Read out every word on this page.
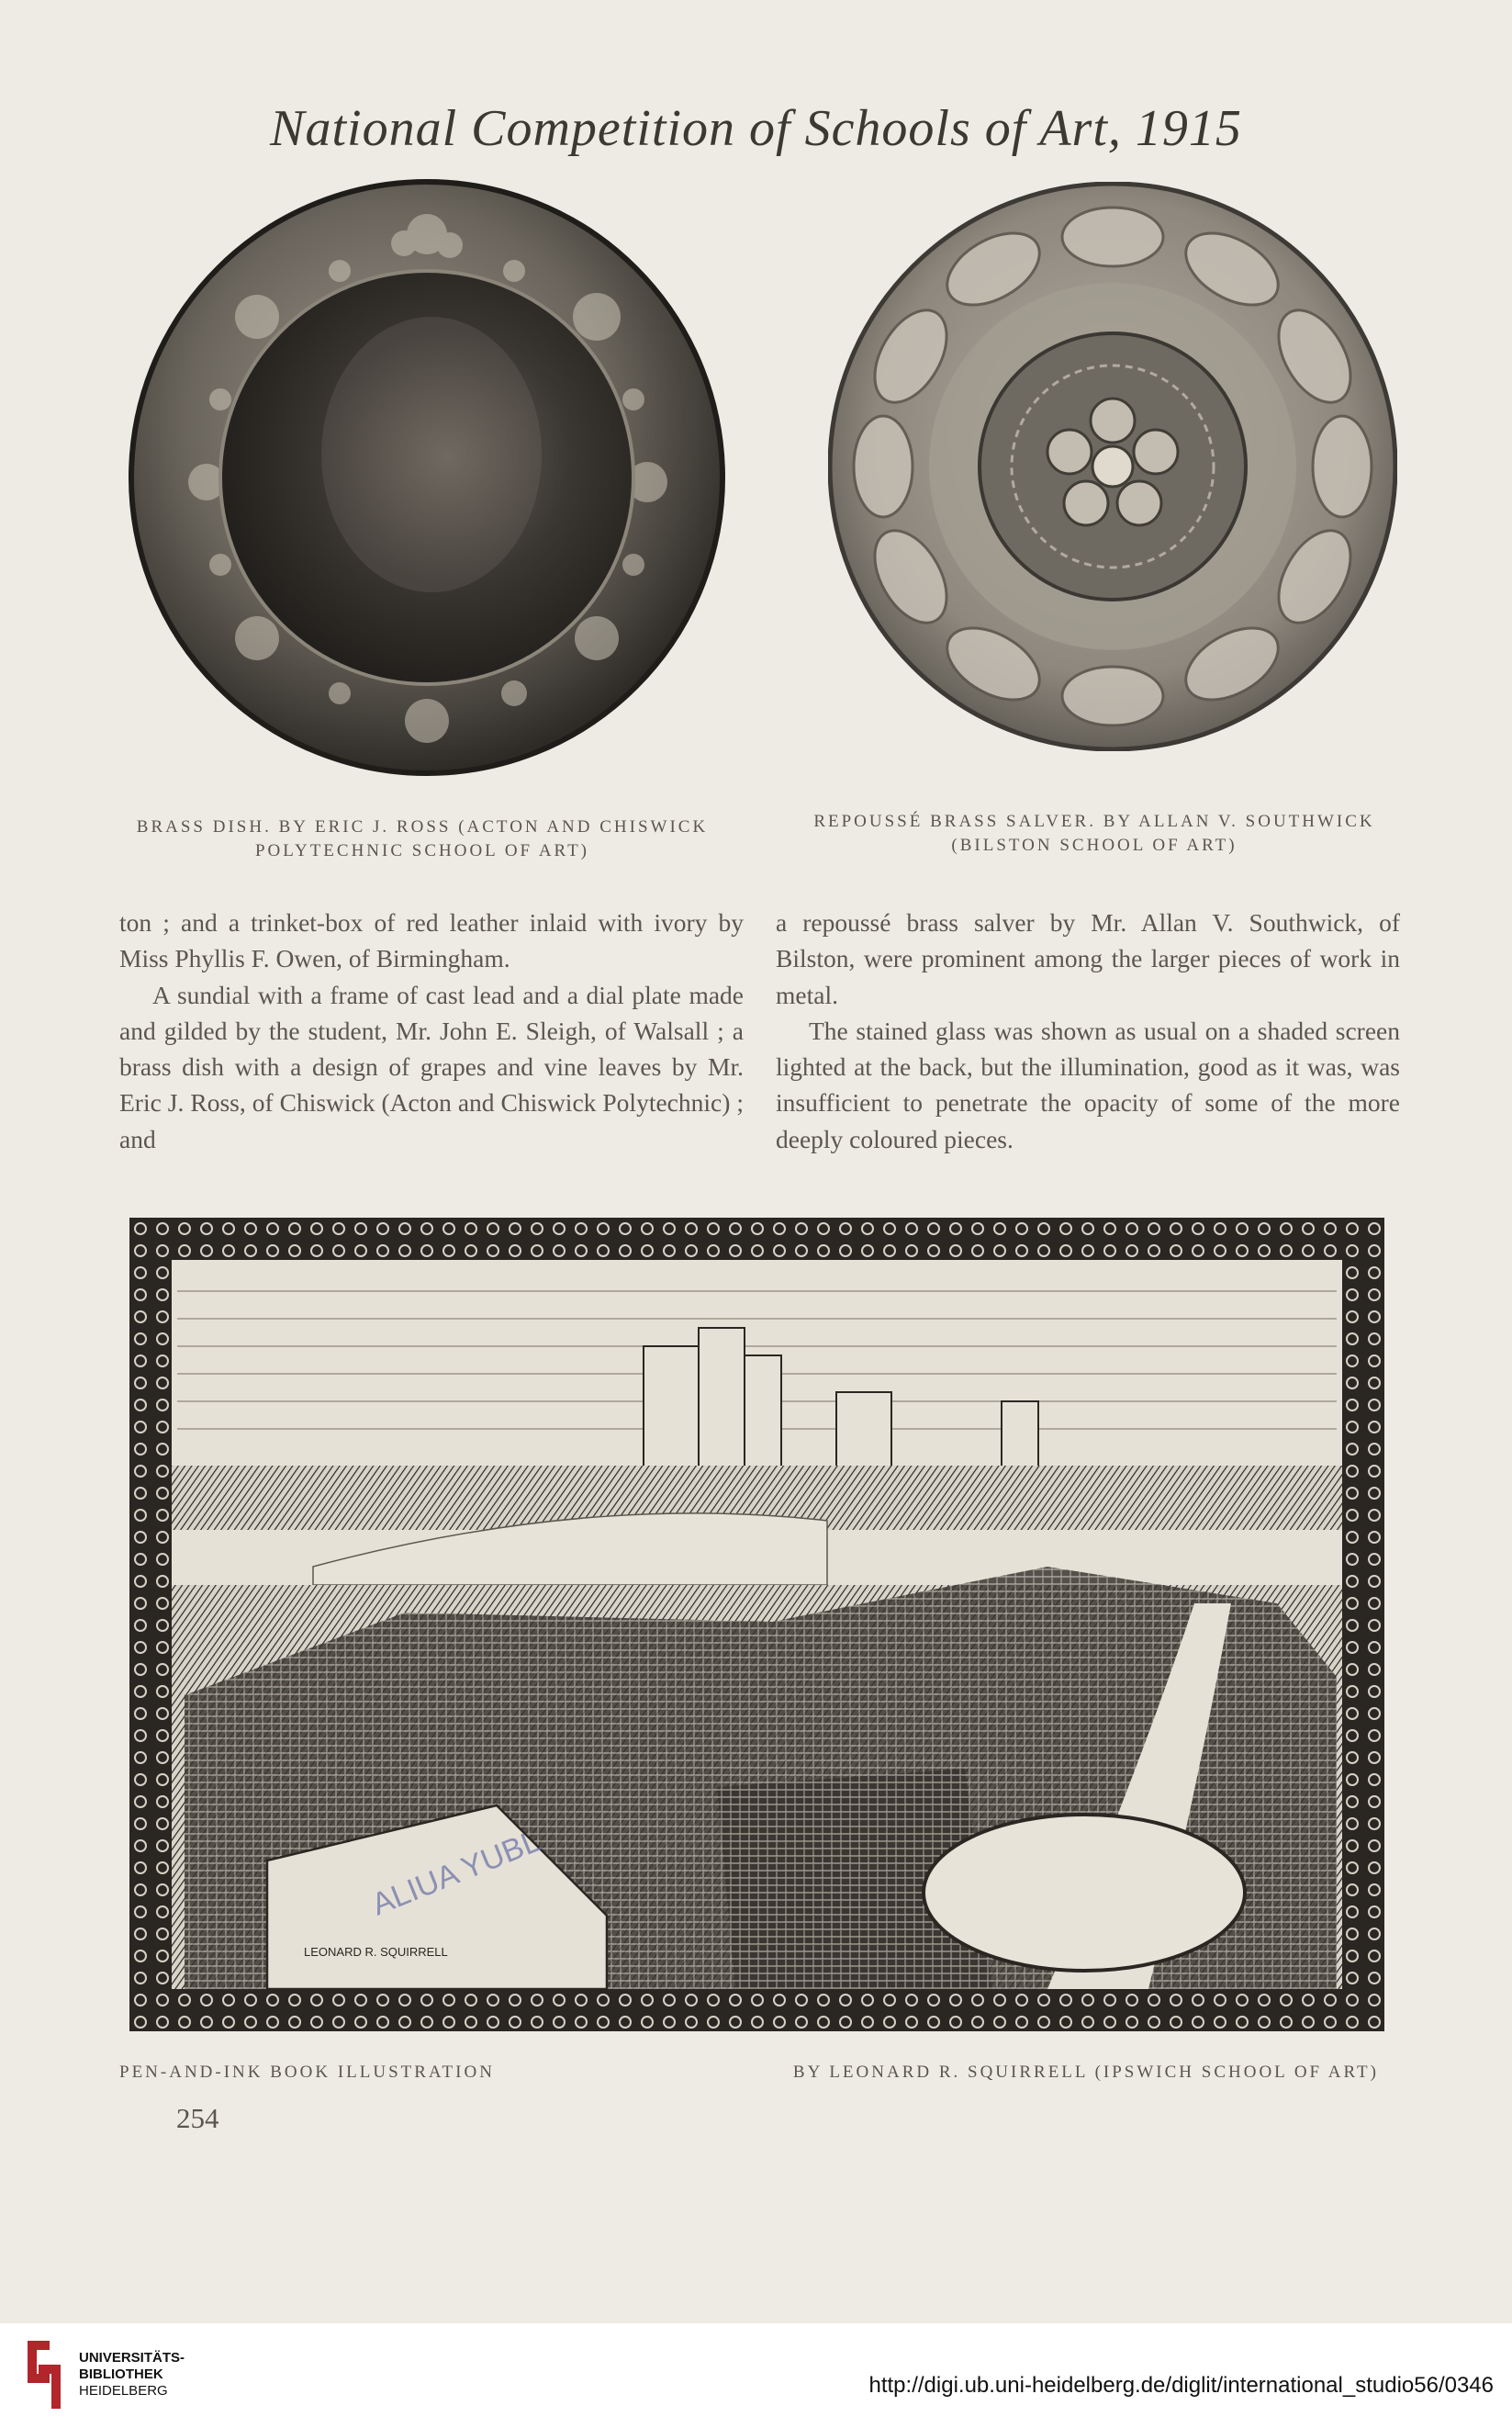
National Competition of Schools of Art, 1915
BRASS DISH. BY ERIC J. ROSS (ACTON AND CHISWICK
POLYTECHNIC SCHOOL OF ART)
REPOUSSÉ BRASS SALVER. BY ALLAN V. SOUTHWICK
(BILSTON SCHOOL OF ART)

ton ; and a trinket-box of red leather inlaid with ivory by Miss Phyllis F. Owen, of Birmingham.

A sundial with a frame of cast lead and a dial plate made and gilded by the student, Mr. John E. Sleigh, of Walsall ; a brass dish with a design of grapes and vine leaves by Mr. Eric J. Ross, of Chiswick (Acton and Chiswick Polytechnic) ; and

a repoussé brass salver by Mr. Allan V. Southwick, of Bilston, were prominent among the larger pieces of work in metal.

The stained glass was shown as usual on a shaded screen lighted at the back, but the illumination, good as it was, was insufficient to penetrate the opacity of some of the more deeply coloured pieces.

LEONARD R. SQUIRRELL
ALIUA YUBL
PEN-AND-INK BOOK ILLUSTRATION	BY LEONARD R. SQUIRRELL (IPSWICH SCHOOL OF ART)
254
UNIVERSITÄTS-
BIBLIOTHEK
HEIDELBERG	http://digi.ub.uni-heidelberg.de/diglit/international_studio56/0346
